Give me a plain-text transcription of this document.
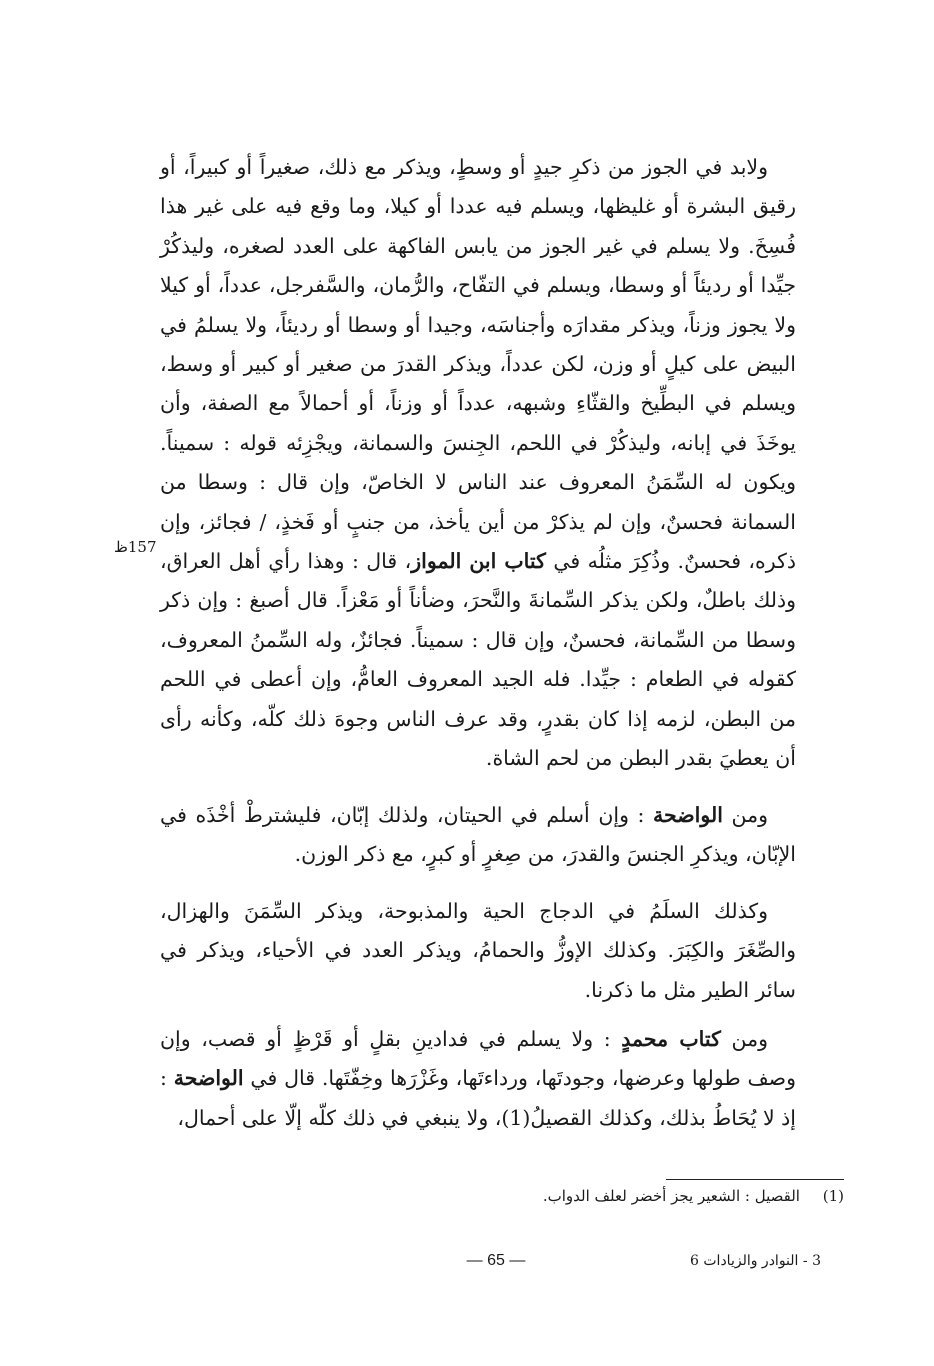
ولابد في الجوز من ذكرِ جيدٍ أو وسطٍ، ويذكر مع ذلك، صغيراً أو كبيراً، أو رقيق البشرة أو غليظها، ويسلم فيه عددا أو كيلا، وما وقع فيه على غير هذا فُسِخَ. ولا يسلم في غير الجوز من يابس الفاكهة على العدد لصغره، وليذكُرْ جيِّدا أو رديئاً أو وسطا، ويسلم في التفّاح، والرُّمان، والسَّفرجل، عدداً، أو كيلا ولا يجوز وزناً، ويذكر مقدارَه وأجناسَه، وجيدا أو وسطا أو رديئاً، ولا يسلمُ في البيض على كيلٍ أو وزن، لكن عدداً، ويذكر القدرَ من صغير أو كبير أو وسط، ويسلم في البطِّيخ والقثّاءِ وشبهه، عدداً أو وزناً، أو أحمالاً مع الصفة، وأن يوخَذَ في إبانه، وليذكُرْ في اللحم، الجِنسَ والسمانة، ويجْزِئه قوله : سميناً. ويكون له السِّمَنُ المعروف عند الناس لا الخاصّ، وإن قال : وسطا من السمانة فحسنٌ، وإن لم يذكرْ من أين يأخذ، من جنبٍ أو فَخذٍ، / فجائز، وإن ذكره، فحسنٌ. وذُكِرَ مثلُه في كتاب ابن المواز، قال : وهذا رأي أهل العراق، وذلك باطلٌ، ولكن يذكر السِّمانةَ والنَّحرَ، وضأناً أو مَعْزاً. قال أصبغ : وإن ذكر وسطا من السِّمانة، فحسنٌ، وإن قال : سميناً. فجائزٌ، وله السِّمنُ المعروف، كقوله في الطعام : جيِّدا. فله الجيد المعروف العامُّ، وإن أعطى في اللحم من البطن، لزمه إذا كان بقدرٍ، وقد عرف الناس وجوهَ ذلك كلّه، وكأنه رأى أن يعطيَ بقدر البطن من لحم الشاة.

ومن الواضحة : وإن أسلم في الحيتان، ولذلك إبّان، فليشترطْ أخْذَه في الإبّان، ويذكرِ الجنسَ والقدرَ، من صِغرٍ أو كبرٍ، مع ذكر الوزن.

وكذلك السلَمُ في الدجاج الحية والمذبوحة، ويذكر السِّمَنَ والهزال، والصِّغَرَ والكِبَرَ. وكذلك الإوزُّ والحمامُ، ويذكر العدد في الأحياء، ويذكر في سائر الطير مثل ما ذكرنا.

ومن كتاب محمدٍ : ولا يسلم في فدادينِ بقلٍ أو قَرْظٍ أو قصب، وإن وصف طولها وعرضها، وجودتَها، ورداءتَها، وغَزْرَها وخِفّتَها. قال في الواضحة : إذ لا يُحَاطُ بذلك، وكذلك القصيلُ(1)، ولا ينبغي في ذلك كلّه إلّا على أحمال،

157ظ
(1) القصيل : الشعير يجز أخضر لعلف الدواب.
— 65 —	3 - النوادر والزيادات 6
